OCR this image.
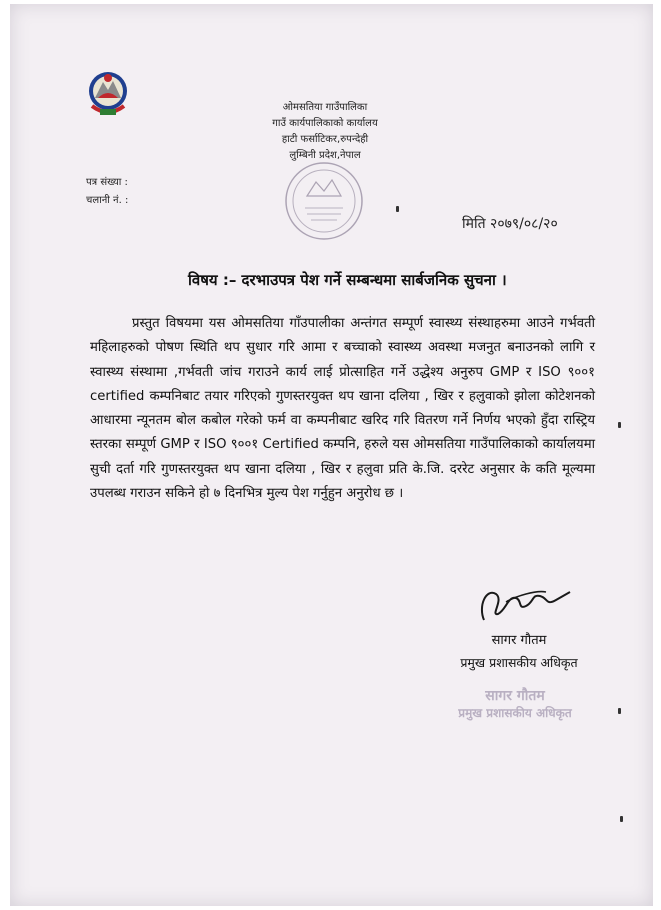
ओमसतिया गाउँपालिका
गाउँ कार्यपालिकाको कार्यालय
हाटी फर्साटिकर,रुपन्देही
लुम्बिनी प्रदेश,नेपाल
पत्र संख्या :
चलानी नं. :
मिति २०७९/०८/२०
विषय :– दरभाउपत्र पेश गर्ने सम्बन्धमा सार्बजनिक सुचना ।
प्रस्तुत विषयमा यस ओमसतिया गाँउपालीका अन्तंगत सम्पूर्ण स्वास्थ्य संस्थाहरुमा आउने गर्भवती महिलाहरुको पोषण स्थिति थप सुधार गरि आमा र बच्चाको स्वास्थ्य अवस्था मजनुत बनाउनको लागि र स्वास्थ्य संस्थामा ,गर्भवती जांच गराउने कार्य लाई प्रोत्साहित गर्ने उद्धेश्य अनुरुप GMP र ISO ९००१ certified कम्पनिबाट तयार गरिएको गुणस्तरयुक्त थप खाना दलिया , खिर र हलुवाको झोला कोटेशनको आधारमा न्यूनतम बोल कबोल गरेको फर्म वा कम्पनीबाट खरिद गरि वितरण गर्ने निर्णय भएको हुँदा रास्ट्रिय स्तरका सम्पूर्ण GMP र ISO ९००१ Certified कम्पनि, हरुले यस ओमसतिया गाउँपालिकाको कार्यालयमा सुची दर्ता गरि गुणस्तरयुक्त थप खाना दलिया , खिर र हलुवा प्रति के.जि. दररेट अनुसार के कति मूल्यमा उपलब्ध गराउन सकिने हो ७ दिनभित्र मुल्य पेश गर्नुहुन अनुरोध छ ।
सागर गौतम
प्रमुख प्रशासकीय अधिकृत
सागर गौतम
प्रमुख प्रशासकीय अधिकृत
